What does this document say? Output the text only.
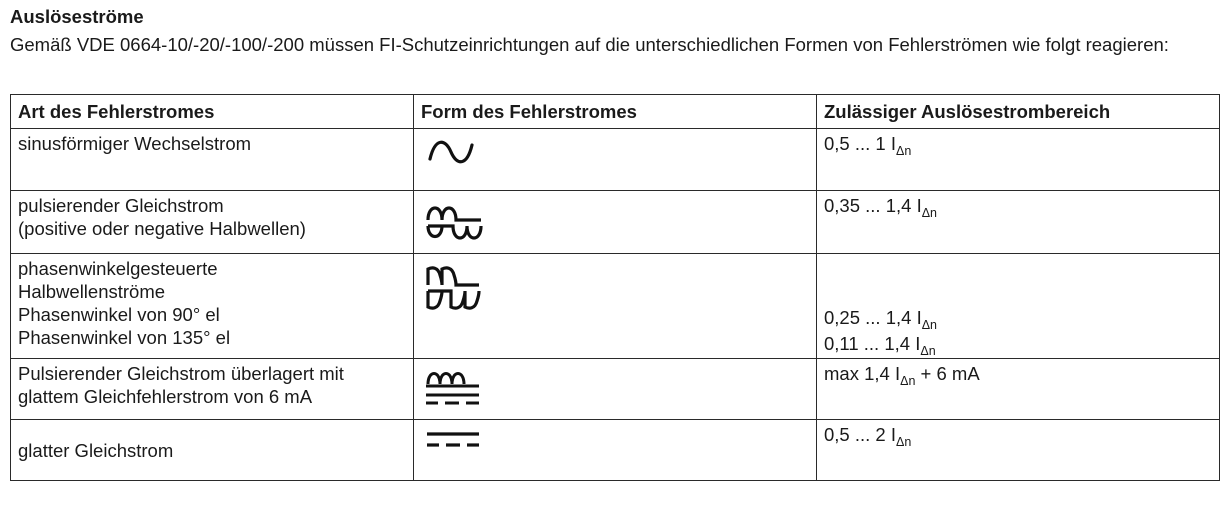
Auslöseströme
Gemäß VDE 0664-10/-20/-100/-200 müssen FI-Schutzeinrichtungen auf die unterschiedlichen Formen von Fehlerströmen wie folgt reagieren:
Art des Fehlerstromes	Form des Fehlerstromes	Zulässiger Auslösestrombereich

sinusförmiger Wechselstrom		0,5 ... 1 $I_{\Delta n}$

pulsierender Gleichstrom
(positive oder negative Halbwellen)		0,35 ... 1,4 $I_{\Delta n}$

phasenwinkelgesteuerte
Halbwellenströme
Phasenwinkel von 90° el
Phasenwinkel von 135° el		0,25 ... 1,4 $I_{\Delta n}$
0,11 ... 1,4 $I_{\Delta n}$

Pulsierender Gleichstrom überlagert mit
glattem Gleichfehlerstrom von 6 mA		max 1,4 $I_{\Delta n} + 6$ mA

glatter Gleichstrom		0,5 ... 2 $I_{\Delta n}$
